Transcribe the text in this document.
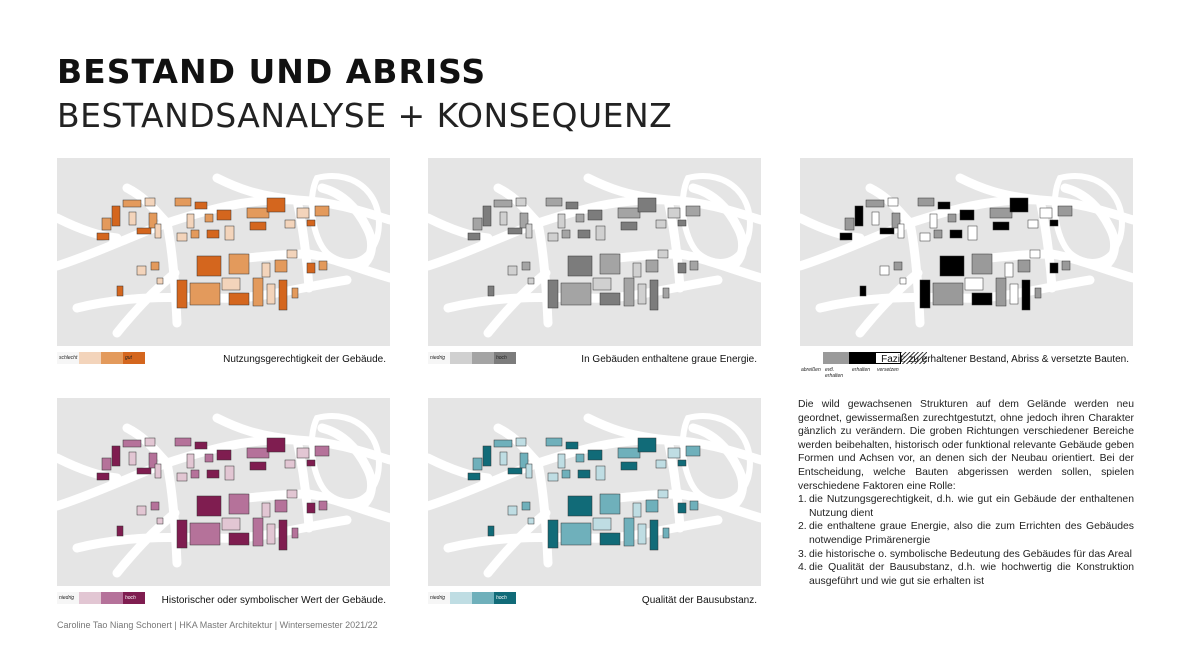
BESTAND UND ABRISS
BESTANDSANALYSE + KONSEQUENZ
schlecht	gut	Nutzungsgerechtigkeit der Gebäude.	niedrig	hoch	In Gebäuden enthaltene graue Energie.
abreißen evtl. erhalten
erhalten	versetzen
Fazit: zu erhaltener Bestand, Abriss & versetzte Bauten.
niedrig	hoch	Historischer oder symbolischer Wert der Gebäude.	niedrig	hoch	Qualität der Bausubstanz.

Die wild gewachsenen Strukturen auf dem Gelände werden neu geordnet, gewissermaßen zurechtgestutzt, ohne jedoch ihren Charakter gänzlich zu verändern. Die groben Richtungen verschiedener Bereiche werden beibehalten, historisch oder funktional relevante Gebäude geben Formen und Achsen vor, an denen sich der Neubau orientiert. Bei der Entscheidung, welche Bauten abgerissen werden sollen, spielen verschiedene Faktoren eine Rolle:

1. die Nutzungsgerechtigkeit, d.h. wie gut ein Gebäude der enthaltenen Nutzung dient
2. die enthaltene graue Energie, also die zum Errichten des Gebäudes notwendige Primärenergie
3. die historische o. symbolische Bedeutung des Gebäudes für das Areal
4. die Qualität der Bausubstanz, d.h. wie hochwertig die Konstruktion ausgeführt und wie gut sie erhalten ist
Caroline Tao Niang Schonert | HKA Master Architektur | Wintersemester 2021/22
